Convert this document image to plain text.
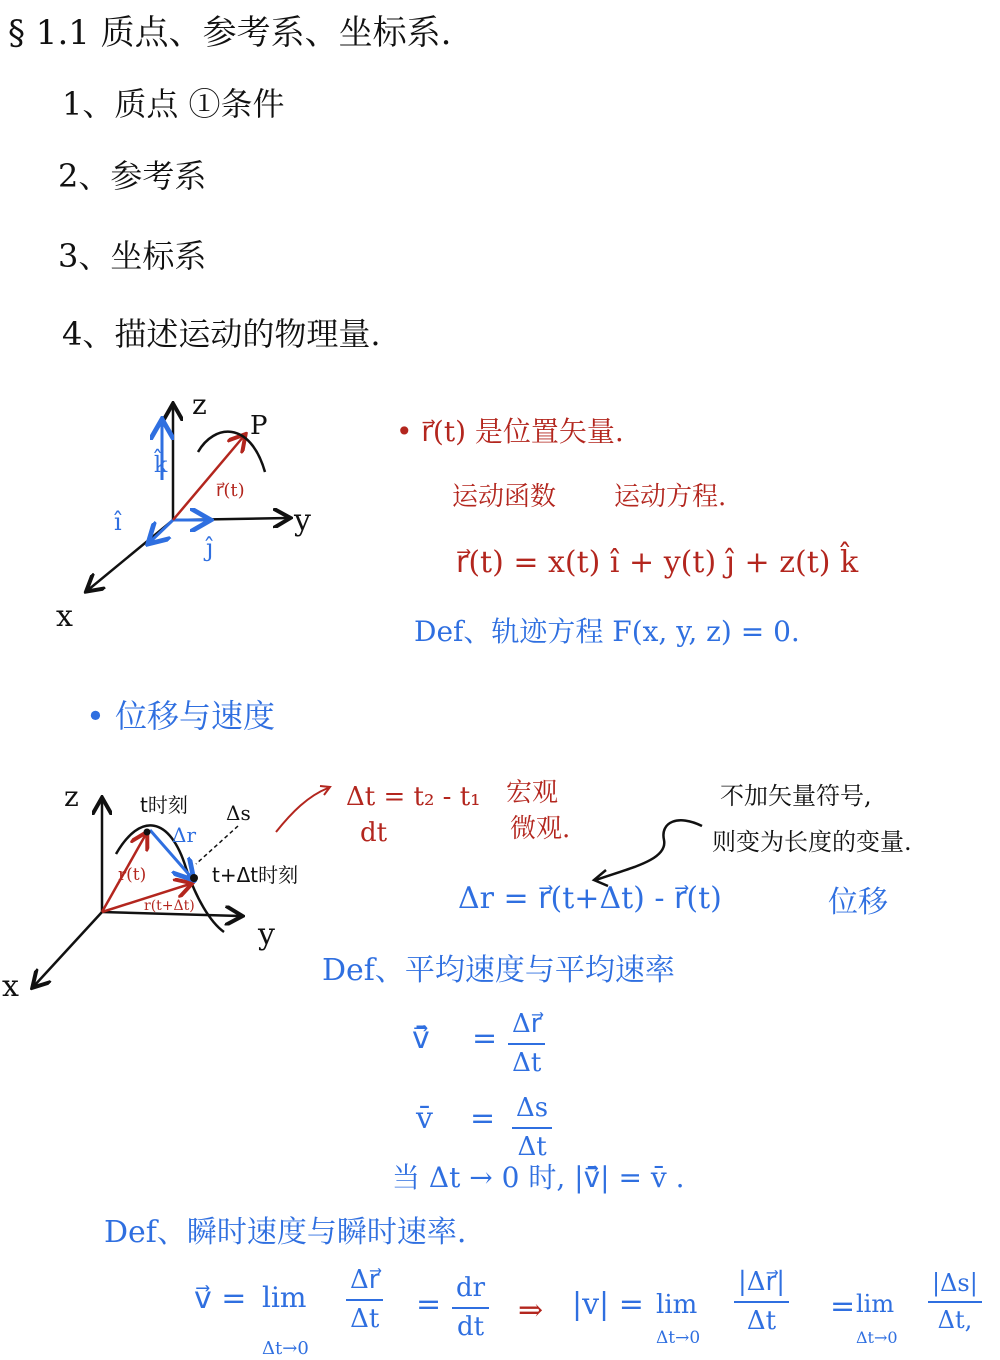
§ 1.1 质点、参考系、坐标系.
1、质点 ①条件
2、参考系
3、坐标系
4、描述运动的物理量.
z
P
y
x
k̂
î
ĵ
r⃗(t)
• r⃗(t) 是位置矢量.
运动函数 运动方程.
r⃗(t) = x(t) î + y(t) ĵ + z(t) k̂
Def、轨迹方程 F(x, y, z) = 0.
• 位移与速度
z
y
x
t时刻 Δs
Δr
t+Δt时刻
r(t)
r(t+Δt)
Δt = t₂ - t₁
dt
宏观
微观.
不加矢量符号,
则变为长度的变量.
Δr = r⃗(t+Δt) - r⃗(t)	位移
Def、平均速度与平均速率
v̄⃗ = $\frac{\Delta r⃗}{\Delta t}$
v̄ = $\frac{\Delta s}{\Delta t}$
当 Δt → 0 时, |v̄⃗| = v̄ .
Def、瞬时速度与瞬时速率.
v⃗ = lim
Δt→0
$\frac{\Delta r⃗}{\Delta t} = \frac{dr}{dt}$ ⇒ |v| = lim
Δt→0
$\frac{|\Delta r⃗|}{\Delta t} = \lim$
Δt→0
$\frac{|\Delta s|}{\Delta t,}$
